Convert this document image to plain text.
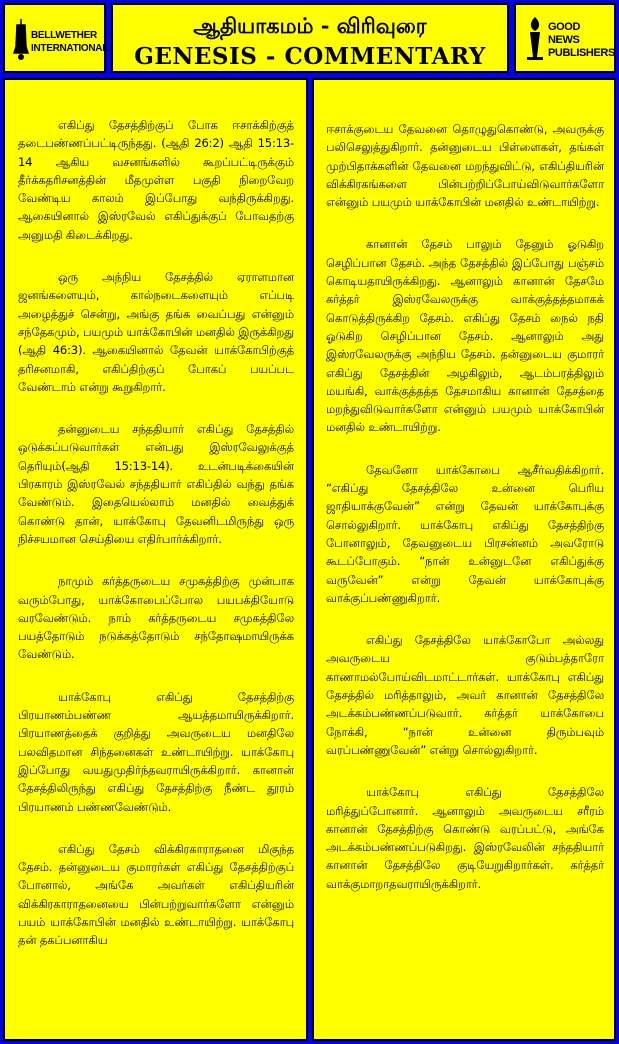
BELLWETHER INTERNATIONAL
ஆதியாகமம் - விரிவுரை
GENESIS - COMMENTARY
GOOD NEWS PUBLISHERS

எகிப்து தேசத்திற்குப் போக ஈசாக்கிற்குத் தடைபண்ணப்பட்டிருந்தது. (ஆதி 26:2) ஆதி 15:13-14 ஆகிய வசனங்களில் கூறப்பட்டிருக்கும் தீர்க்கதரிசனத்தின் மீதமுள்ள பகுதி நிறைவேற வேண்டிய காலம் இப்போது வந்திருக்கிறது. ஆகையினால் இஸ்ரவேல் எகிப்துக்குப் போவதற்கு அனுமதி கிடைக்கிறது.

ஒரு அந்நிய தேசத்தில் ஏராளமான ஜனங்களையும், கால்நடைகளையும் எப்படி அழைத்துச் சென்று, அங்கு தங்க வைப்பது என்னும் சந்தேகமும், பயமும் யாக்கோபின் மனதில் இருக்கிறது (ஆதி 46:3). ஆகையினால் தேவன் யாக்கோபிற்குத் தரிசனமாகி, எகிப்திற்குப் போகப் பயப்பட வேண்டாம் என்று கூறுகிறார்.

தன்னுடைய சந்ததியார் எகிப்து தேசத்தில் ஒடுக்கப்படுவார்கள் என்பது இஸ்ரவேலுக்குத் தெரியும்(ஆதி 15:13-14). உடன்படிக்கையின் பிரகாரம் இஸ்ரவேல் சந்ததியார் எகிப்தில் வந்து தங்க வேண்டும். இதையெல்லாம் மனதில் வைத்துக் கொண்டு தான், யாக்கோபு தேவனிடமிருந்து ஒரு நிச்சயமான செய்தியை எதிர்பார்க்கிறார்.

நாமும் கர்த்தருடைய சமுகத்திற்கு முன்பாக வரும்போது, யாக்கோபைப்போல பயபக்தியோடு வரவேண்டும். நாம் கர்த்தருடைய சமுகத்திலே பயத்தோடும் நடுக்கத்தோடும் சந்தோஷமாயிருக்க வேண்டும்.

யாக்கோபு எகிப்து தேசத்திற்கு பிரயாணம்பண்ண ஆயத்தமாயிருக்கிறார். பிரயாணத்தைக் குறித்து அவருடைய மனதிலே பலவிதமான சிந்தனைகள் உண்டாயிற்று. யாக்கோபு இப்போது வயதுமுதிர்ந்தவராயிருக்கிறார். கானான் தேசத்திலிருந்து எகிப்து தேசத்திற்கு நீண்ட தூரம் பிரயாணம் பண்ணவேண்டும்.

எகிப்து தேசம் விக்கிரகாராதனை மிகுந்த தேசம். தன்னுடைய குமாரர்கள் எகிப்து தேசத்திற்குப் போனால், அங்கே அவர்கள் எகிப்தியரின் விக்கிரகாராதனையை பின்பற்றுவார்களோ என்னும் பயம் யாக்கோபின் மனதில் உண்டாயிற்று. யாக்கோபு தன் தகப்பனாகிய

ஈசாக்குடைய தேவனை தொழுதுகொண்டு, அவருக்கு பலிசெலுத்துகிறார். தன்னுடைய பிள்ளைகள், தங்கள் முற்பிதாக்களின் தேவனை மறந்துவிட்டு, எகிப்தியரின் விக்கிரகங்களை பின்பற்றிப்போய்விடுவார்களோ என்னும் பயமும் யாக்கோபின் மனதில் உண்டாயிற்று.

கானான் தேசம் பாலும் தேனும் ஓடுகிற செழிப்பான தேசம். அந்த தேசத்தில் இப்போது பஞ்சம் கொடியதாயிருக்கிறது. ஆனாலும் கானான் தேசமே கர்த்தர் இஸ்ரவேலருக்கு வாக்குத்தத்தமாகக் கொடுத்திருக்கிற தேசம். எகிப்து தேசம் நைல் நதி ஓடுகிற செழிப்பான தேசம். ஆனாலும் அது இஸ்ரவேலருக்கு அந்நிய தேசம். தன்னுடைய குமாரர் எகிப்து தேசத்தின் அழகிலும், ஆடம்பரத்திலும் மயங்கி, வாக்குத்தத்த தேசமாகிய கானான் தேசத்தை மறந்துவிடுவார்களோ என்னும் பயமும் யாக்கோபின் மனதில் உண்டாயிற்று.

தேவனோ யாக்கோபை ஆசீர்வதிக்கிறார். “எகிப்து தேசத்திலே உன்னை பெரிய ஜாதியாக்குவேன்” என்று தேவன் யாக்கோபுக்கு சொல்லுகிறார். யாக்கோபு எகிப்து தேசத்திற்கு போனாலும், தேவனுடைய பிரசன்னம் அவரோடு கூடப்போகும். “நான் உன்னுடனே எகிப்துக்கு வருவேன்” என்று தேவன் யாக்கோபுக்கு வாக்குப்பண்ணுகிறார்.

எகிப்து தேசத்திலே யாக்கோபோ அல்லது அவருடைய குடும்பத்தாரோ காணாமல்போய்விடமாட்டார்கள். யாக்கோபு எகிப்து தேசத்தில் மரித்தாலும், அவர் கானான் தேசத்திலே அடக்கம்பண்ணப்படுவார். கர்த்தர் யாக்கோபை நோக்கி, “நான் உன்னை திரும்பவும் வரப்பண்ணுவேன்” என்று சொல்லுகிறார்.

யாக்கோபு எகிப்து தேசத்திலே மரித்துப்போனார். ஆனாலும் அவருடைய சரீரம் கானான் தேசத்திற்கு கொண்டு வரப்பட்டு, அங்கே அடக்கம்பண்ணப்படுகிறது. இஸ்ரவேலின் சந்ததியார் கானான் தேசத்திலே குடியேறுகிறார்கள். கர்த்தர் வாக்குமாறாதவராயிருக்கிறார்.
